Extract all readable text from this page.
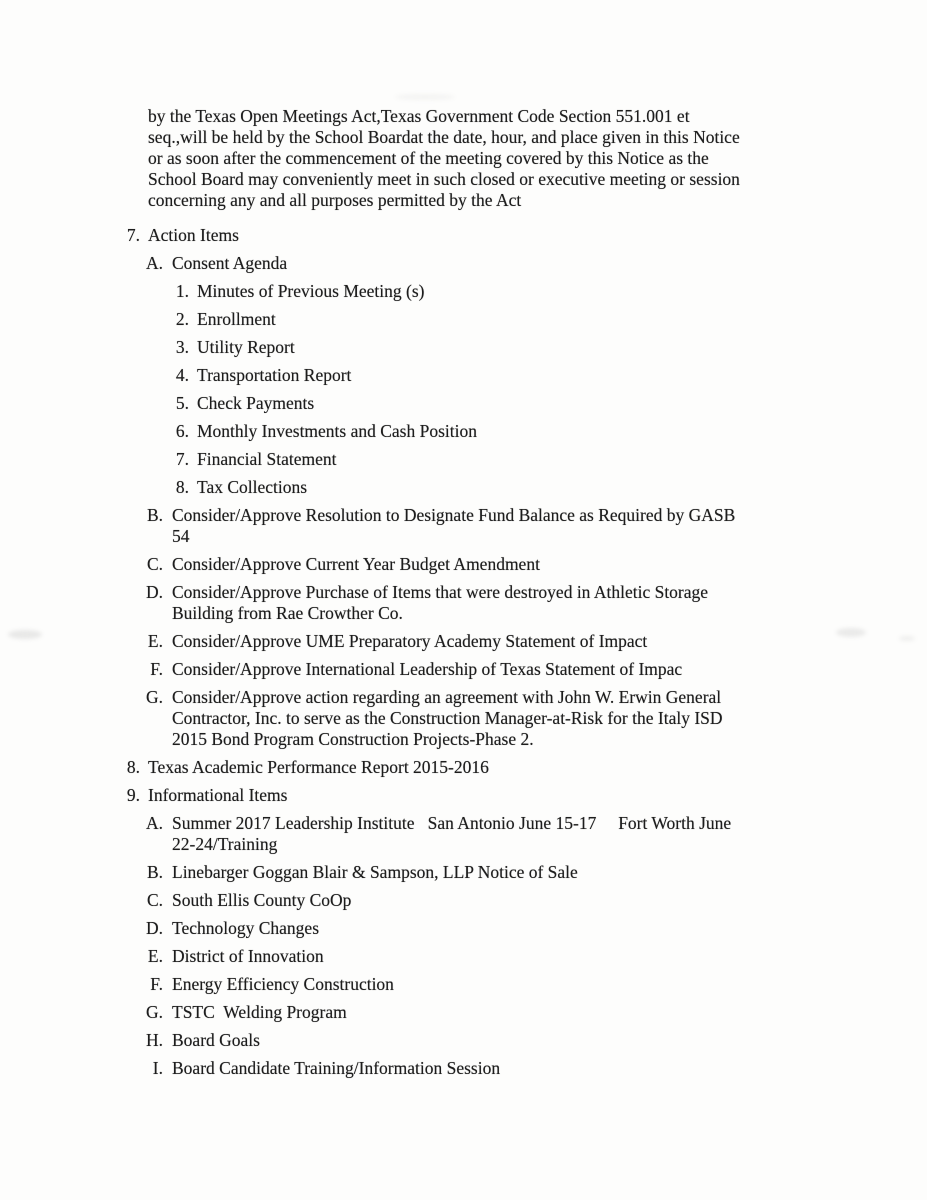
by the Texas Open Meetings Act,Texas Government Code Section 551.001 et
seq.,will be held by the School Boardat the date, hour, and place given in this Notice
or as soon after the commencement of the meeting covered by this Notice as the
School Board may conveniently meet in such closed or executive meeting or session
concerning any and all purposes permitted by the Act
7. Action Items
A. Consent Agenda
1. Minutes of Previous Meeting (s)
2. Enrollment
3. Utility Report
4. Transportation Report
5. Check Payments
6. Monthly Investments and Cash Position
7. Financial Statement
8. Tax Collections
B. Consider/Approve Resolution to Designate Fund Balance as Required by GASB
54
C. Consider/Approve Current Year Budget Amendment
D. Consider/Approve Purchase of Items that were destroyed in Athletic Storage
Building from Rae Crowther Co.
E. Consider/Approve UME Preparatory Academy Statement of Impact
F. Consider/Approve International Leadership of Texas Statement of Impac
G. Consider/Approve action regarding an agreement with John W. Erwin General
Contractor, Inc. to serve as the Construction Manager-at-Risk for the Italy ISD
2015 Bond Program Construction Projects-Phase 2.
8. Texas Academic Performance Report 2015-2016
9. Informational Items
A. Summer 2017 Leadership Institute   San Antonio June 15-17     Fort Worth June
22-24/Training
B. Linebarger Goggan Blair & Sampson, LLP Notice of Sale
C. South Ellis County CoOp
D. Technology Changes
E. District of Innovation
F. Energy Efficiency Construction
G. TSTC  Welding Program
H. Board Goals
I. Board Candidate Training/Information Session
